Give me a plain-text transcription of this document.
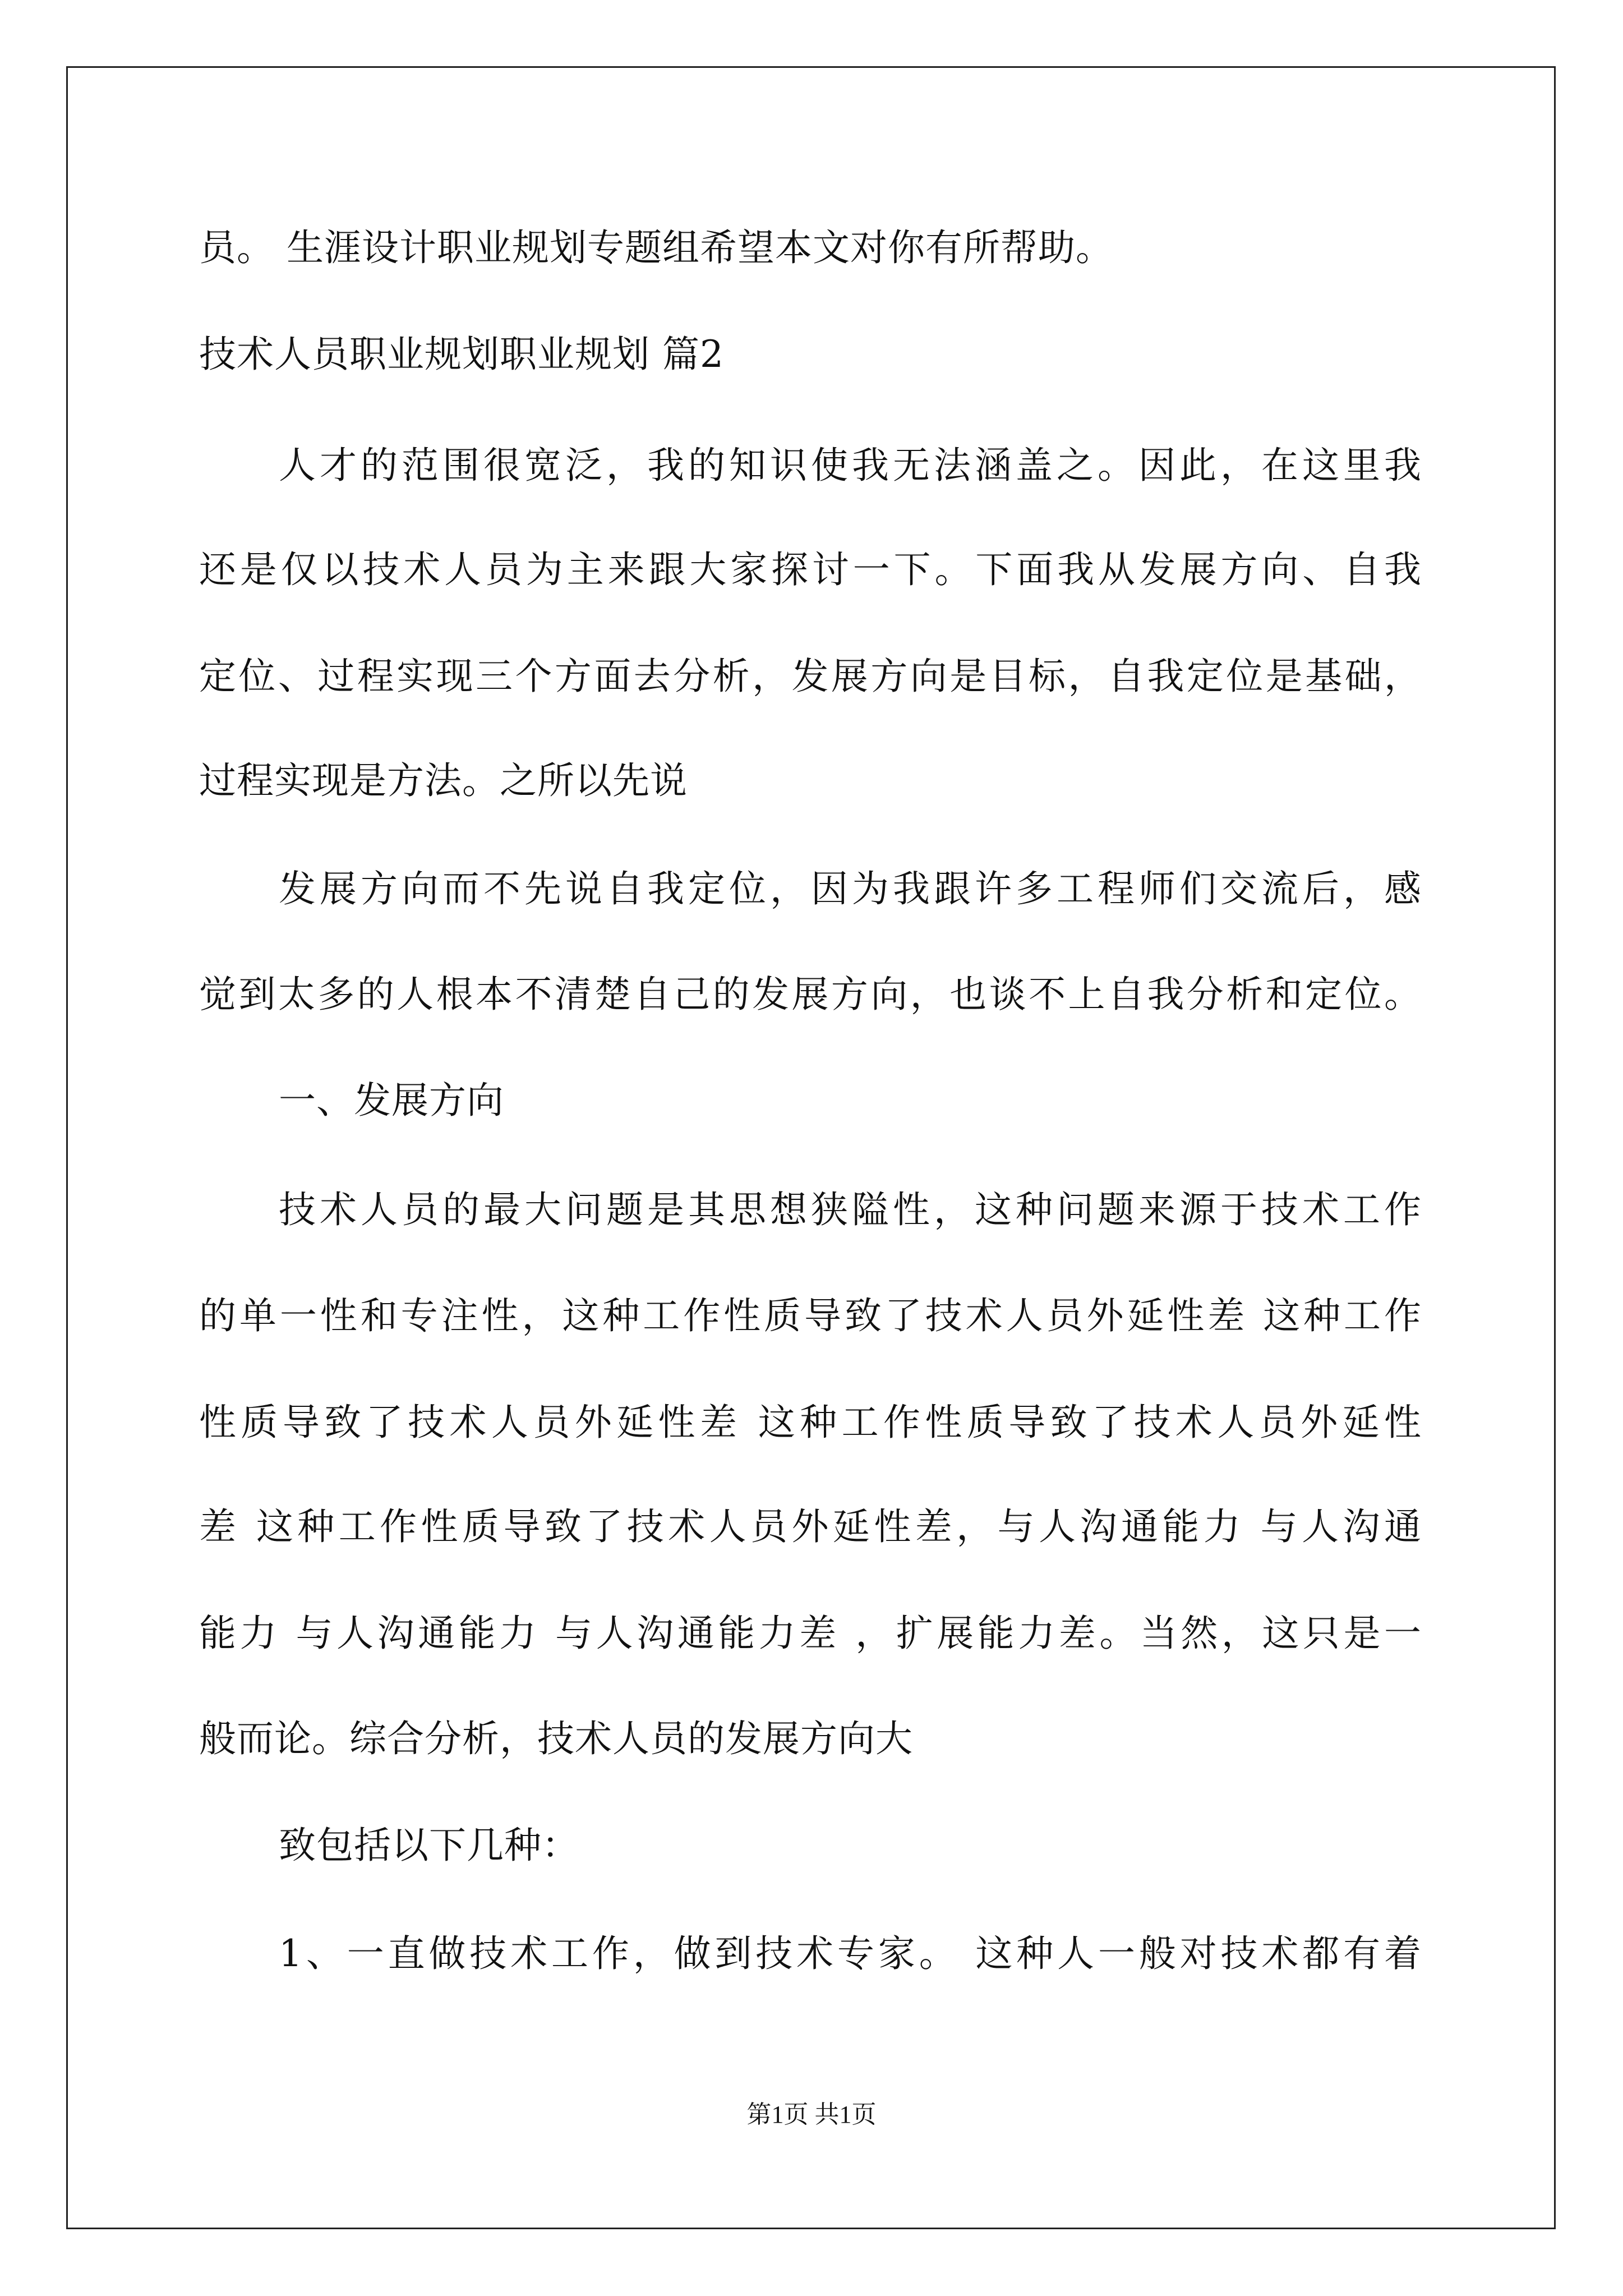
员。 生涯设计职业规划专题组希望本文对你有所帮助。
技术人员职业规划职业规划 篇2
人才的范围很宽泛，我的知识使我无法涵盖之。因此，在这里我
还是仅以技术人员为主来跟大家探讨一下。下面我从发展方向、自我
定位、过程实现三个方面去分析，发展方向是目标，自我定位是基础，
过程实现是方法。之所以先说
发展方向而不先说自我定位，因为我跟许多工程师们交流后，感
觉到太多的人根本不清楚自己的发展方向，也谈不上自我分析和定位。
一、发展方向
技术人员的最大问题是其思想狭隘性，这种问题来源于技术工作
的单一性和专注性，这种工作性质导致了技术人员外延性差 这种工作
性质导致了技术人员外延性差 这种工作性质导致了技术人员外延性
差 这种工作性质导致了技术人员外延性差，与人沟通能力 与人沟通
能力 与人沟通能力 与人沟通能力差 ，扩展能力差。当然，这只是一
般而论。综合分析，技术人员的发展方向大
致包括以下几种：
1、一直做技术工作，做到技术专家。 这种人一般对技术都有着
第1页 共1页
